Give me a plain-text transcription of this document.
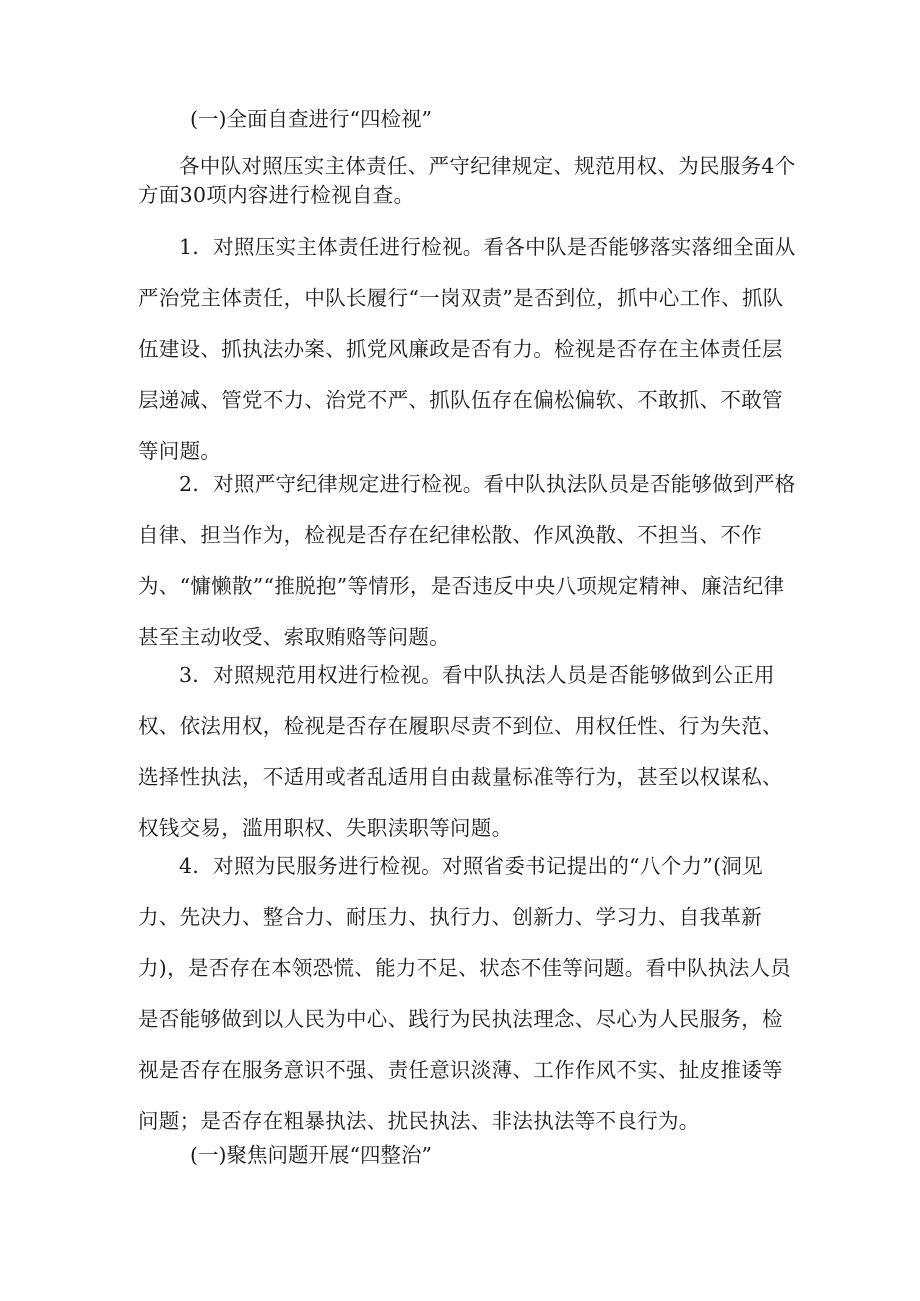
(一)全面自查进行“四检视”

各中队对照压实主体责任、严守纪律规定、规范用权、为民服务4个方面30项内容进行检视自查。

1．对照压实主体责任进行检视。看各中队是否能够落实落细全面从严治党主体责任，中队长履行“一岗双责”是否到位，抓中心工作、抓队伍建设、抓执法办案、抓党风廉政是否有力。检视是否存在主体责任层层递减、管党不力、治党不严、抓队伍存在偏松偏软、不敢抓、不敢管等问题。

2．对照严守纪律规定进行检视。看中队执法队员是否能够做到严格自律、担当作为，检视是否存在纪律松散、作风涣散、不担当、不作为、“慵懒散”“推脱抱”等情形，是否违反中央八项规定精神、廉洁纪律甚至主动收受、索取贿赂等问题。

3．对照规范用权进行检视。看中队执法人员是否能够做到公正用权、依法用权，检视是否存在履职尽责不到位、用权任性、行为失范、选择性执法，不适用或者乱适用自由裁量标准等行为，甚至以权谋私、权钱交易，滥用职权、失职渎职等问题。

4．对照为民服务进行检视。对照省委书记提出的“八个力”(洞见力、先决力、整合力、耐压力、执行力、创新力、学习力、自我革新力)，是否存在本领恐慌、能力不足、状态不佳等问题。看中队执法人员是否能够做到以人民为中心、践行为民执法理念、尽心为人民服务，检视是否存在服务意识不强、责任意识淡薄、工作作风不实、扯皮推诿等问题；是否存在粗暴执法、扰民执法、非法执法等不良行为。

(一)聚焦问题开展“四整治”
